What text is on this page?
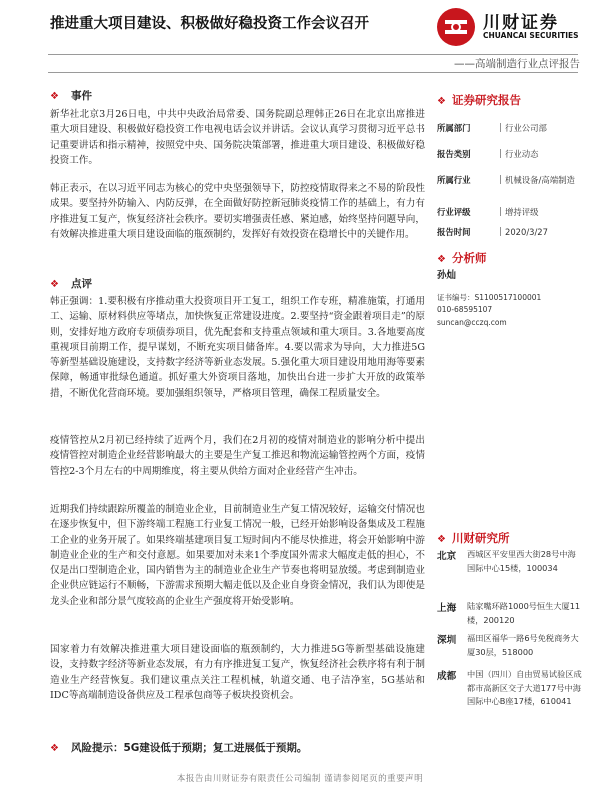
推进重大项目建设、积极做好稳投资工作会议召开	川财证券
CHUANCAI SECURITIES
——高端制造行业点评报告
❖ 事件
新华社北京3月26日电，中共中央政治局常委、国务院副总理韩正26日在北京出席推进重大项目建设、积极做好稳投资工作电视电话会议并讲话。会议认真学习贯彻习近平总书记重要讲话和指示精神，按照党中央、国务院决策部署，推进重大项目建设、积极做好稳投资工作。
韩正表示，在以习近平同志为核心的党中央坚强领导下，防控疫情取得来之不易的阶段性成果。要坚持外防输入、内防反弹，在全面做好防控新冠肺炎疫情工作的基础上，有力有序推进复工复产，恢复经济社会秩序。要切实增强责任感、紧迫感，始终坚持问题导向，有效解决推进重大项目建设面临的瓶颈制约，发挥好有效投资在稳增长中的关键作用。
❖ 点评
韩正强调：1.要积极有序推动重大投资项目开工复工，组织工作专班，精准施策，打通用工、运输、原材料供应等堵点，加快恢复正常建设进度。2.要坚持“资金跟着项目走”的原则，安排好地方政府专项债券项目，优先配套和支持重点领域和重大项目。3.各地要高度重视项目前期工作，提早谋划，不断充实项目储备库。4.要以需求为导向，大力推进5G等新型基础设施建设，支持数字经济等新业态发展。5.强化重大项目建设用地用海等要素保障，畅通审批绿色通道。抓好重大外资项目落地，加快出台进一步扩大开放的政策举措，不断优化营商环境。要加强组织领导，严格项目管理，确保工程质量安全。
疫情管控从2月初已经持续了近两个月，我们在2月初的疫情对制造业的影响分析中提出疫情管控对制造企业经营影响最大的主要是生产复工推迟和物流运输管控两个方面，疫情管控2-3个月左右的中周期维度，将主要从供给方面对企业经营产生冲击。
近期我们持续跟踪所覆盖的制造业企业，目前制造业生产复工情况较好，运输交付情况也在逐步恢复中，但下游终端工程施工行业复工情况一般，已经开始影响设备集成及工程施工企业的业务开展了。如果终端基建项目复工短时间内不能尽快推进，将会开始影响中游制造业企业的生产和交付意愿。如果要加对未来1个季度国外需求大幅度走低的担心，不仅是出口型制造企业，国内销售为主的制造业企业生产节奏也将明显放缓。考虑到制造业企业供应链运行不顺畅，下游需求预期大幅走低以及企业自身资金情况，我们认为即使是龙头企业和部分景气度较高的企业生产强度将开始受影响。
国家着力有效解决推进重大项目建设面临的瓶颈制约，大力推进5G等新型基础设施建设，支持数字经济等新业态发展，有力有序推进复工复产，恢复经济社会秩序将有利于制造业生产经营恢复。我们建议重点关注工程机械，轨道交通、电子洁净室，5G基站和IDC等高端制造设备供应及工程承包商等子板块投资机会。
❖ 风险提示：5G建设低于预期；复工进展低于预期。
❖ 证券研究报告
所属部门	| 行业公司部
报告类别	| 行业动态
所属行业	| 机械设备/高端制造
行业评级	| 增持评级
报告时间	| 2020/3/27
❖ 分析师
孙灿
证书编号：S1100517100001
010-68595107
suncan@cczq.com
❖ 川财研究所
北京 西城区平安里西大街28号中海国际中心15楼，100034
上海 陆家嘴环路1000号恒生大厦11楼，200120
深圳 福田区福华一路6号免税商务大厦30层，518000
成都 中国（四川）自由贸易试验区成都市高新区交子大道177号中海国际中心B座17楼，610041
本报告由川财证券有限责任公司编制 谨请参阅尾页的重要声明
